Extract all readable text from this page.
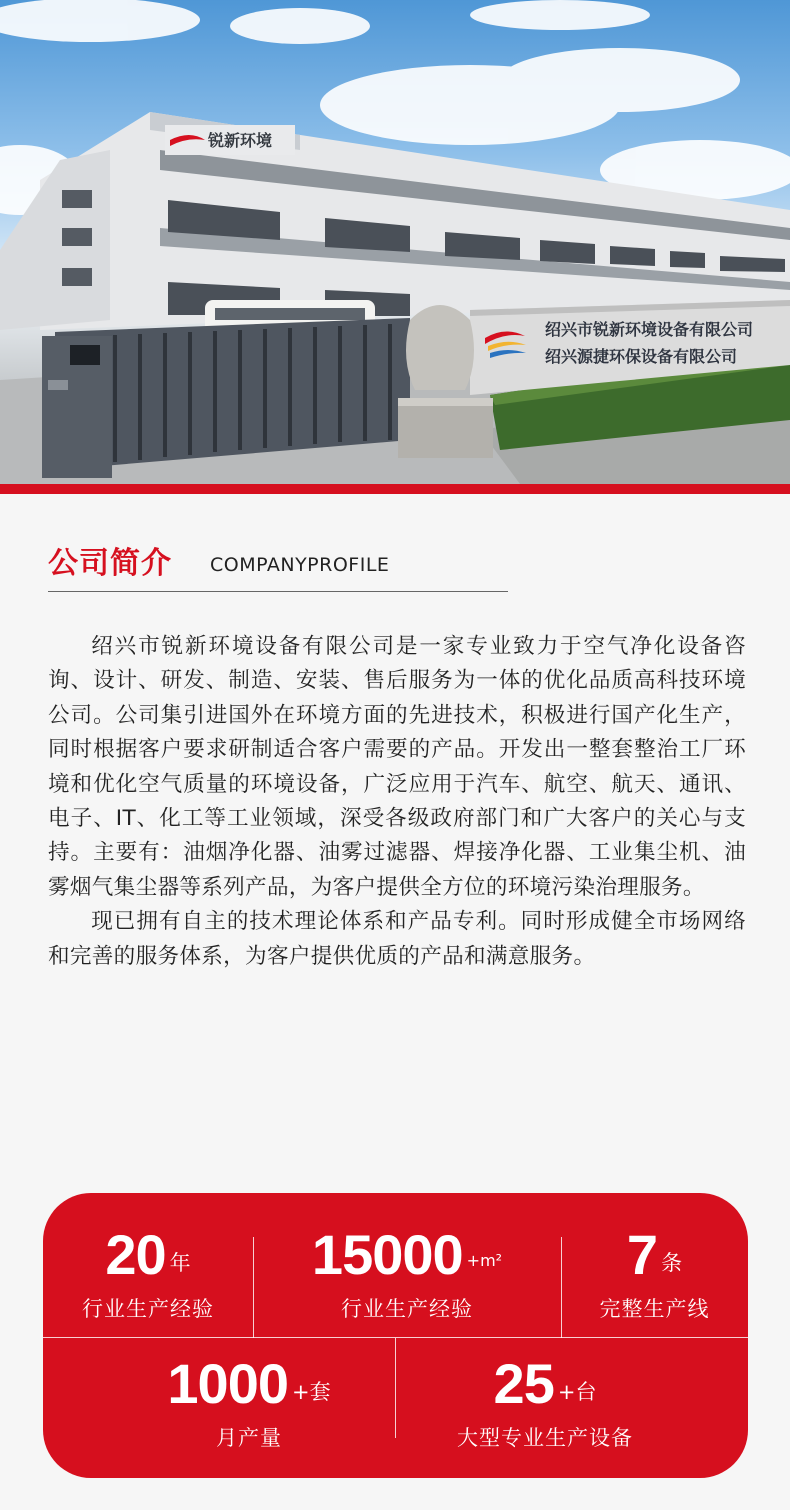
锐新环境
绍兴市锐新环境设备有限公司
绍兴源捷环保设备有限公司
公司简介 COMPANYPROFILE

绍兴市锐新环境设备有限公司是一家专业致力于空气净化设备咨询、设计、研发、制造、安装、售后服务为一体的优化品质高科技环境公司。公司集引进国外在环境方面的先进技术，积极进行国产化生产，同时根据客户要求研制适合客户需要的产品。开发出一整套整治工厂环境和优化空气质量的环境设备，广泛应用于汽车、航空、航天、通讯、电子、IT、化工等工业领域，深受各级政府部门和广大客户的关心与支持。主要有：油烟净化器、油雾过滤器、焊接净化器、工业集尘机、油雾烟气集尘器等系列产品，为客户提供全方位的环境污染治理服务。

现已拥有自主的技术理论体系和产品专利。同时形成健全市场网络和完善的服务体系，为客户提供优质的产品和满意服务。

20 年
行业生产经验
15000 +m²
行业生产经验
7 条
完整生产线
1000 +套
月产量
25 +台
大型专业生产设备
